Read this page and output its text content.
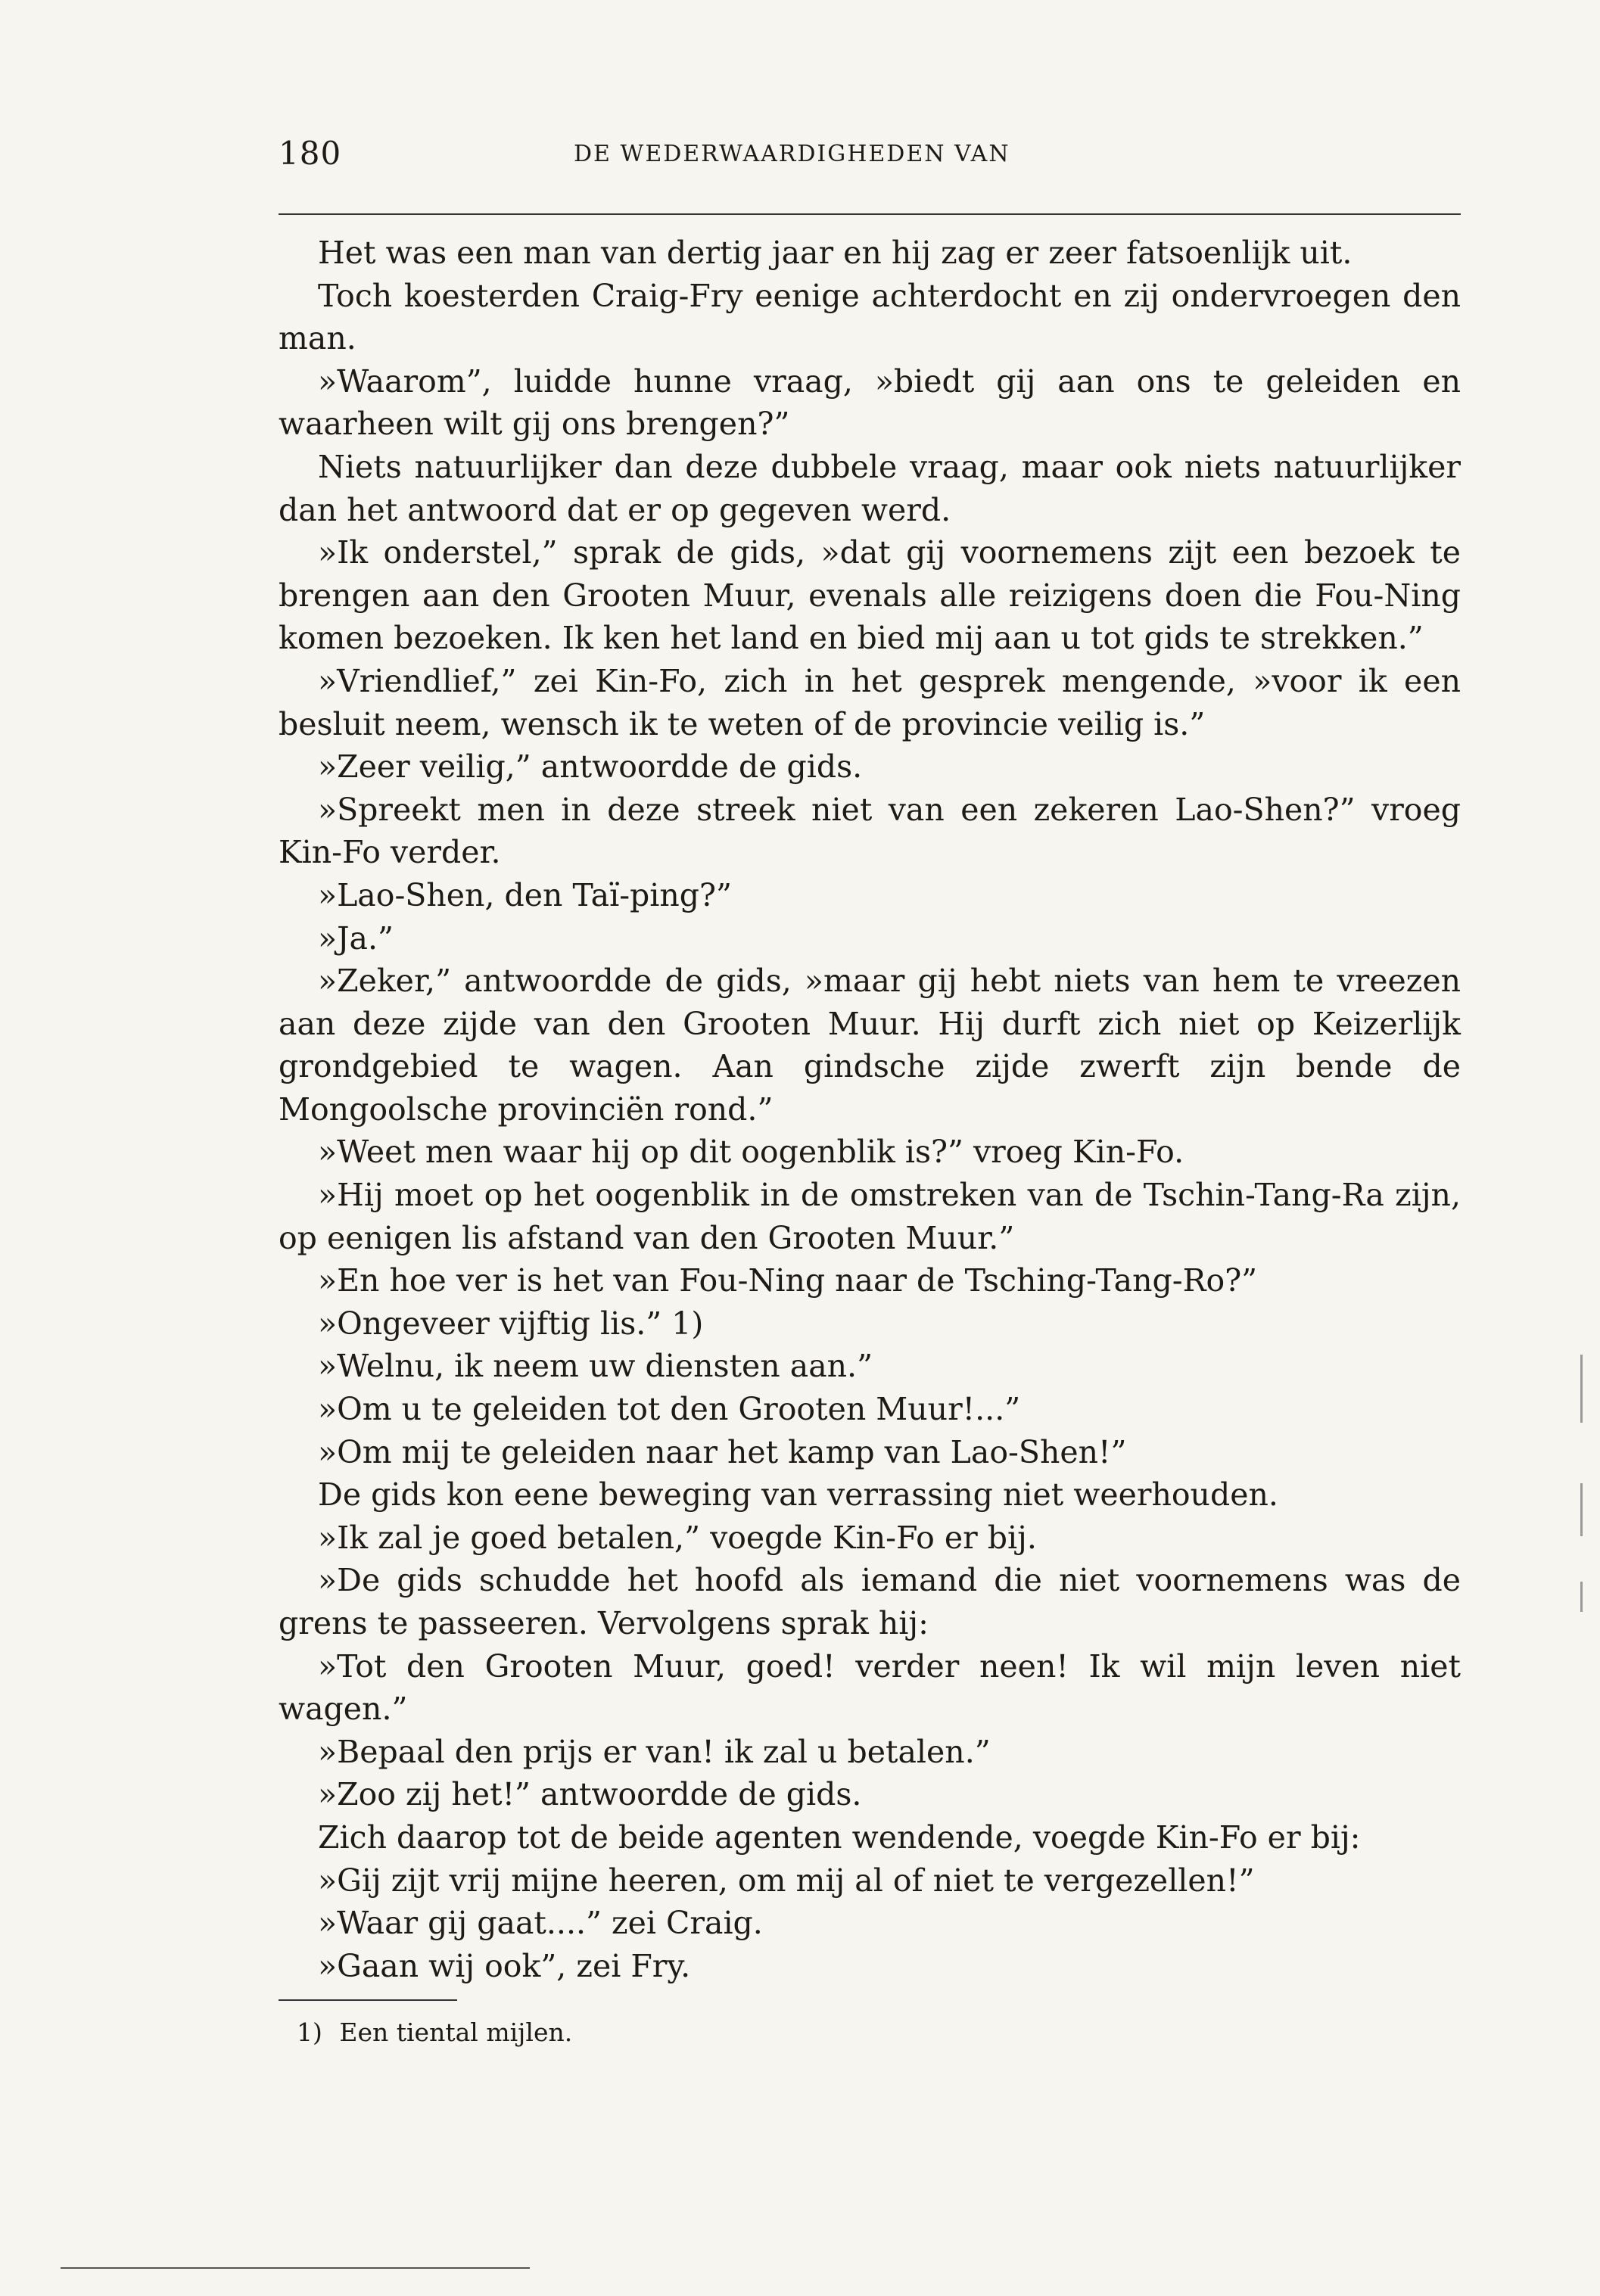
180	DE WEDERWAARDIGHEDEN VAN

Het was een man van dertig jaar en hij zag er zeer fatsoenlijk uit.

Toch koesterden Craig-Fry eenige achterdocht en zij ondervroegen den man.

»Waarom”, luidde hunne vraag, »biedt gij aan ons te geleiden en waarheen wilt gij ons brengen?”

Niets natuurlijker dan deze dubbele vraag, maar ook niets natuurlijker dan het antwoord dat er op gegeven werd.

»Ik onderstel,” sprak de gids, »dat gij voornemens zijt een bezoek te brengen aan den Grooten Muur, evenals alle reizigens doen die Fou-Ning komen bezoeken. Ik ken het land en bied mij aan u tot gids te strekken.”

»Vriendlief,” zei Kin-Fo, zich in het gesprek mengende, »voor ik een besluit neem, wensch ik te weten of de provincie veilig is.”

»Zeer veilig,” antwoordde de gids.

»Spreekt men in deze streek niet van een zekeren Lao-Shen?” vroeg Kin-Fo verder.

»Lao-Shen, den Taï-ping?”

»Ja.”

»Zeker,” antwoordde de gids, »maar gij hebt niets van hem te vreezen aan deze zijde van den Grooten Muur. Hij durft zich niet op Keizerlijk grondgebied te wagen. Aan gindsche zijde zwerft zijn bende de Mongoolsche provinciën rond.”

»Weet men waar hij op dit oogenblik is?” vroeg Kin-Fo.

»Hij moet op het oogenblik in de omstreken van de Tschin-Tang-Ra zijn, op eenigen lis afstand van den Grooten Muur.”

»En hoe ver is het van Fou-Ning naar de Tsching-Tang-Ro?”

»Ongeveer vijftig lis.” 1)

»Welnu, ik neem uw diensten aan.”

»Om u te geleiden tot den Grooten Muur!...”

»Om mij te geleiden naar het kamp van Lao-Shen!”

De gids kon eene beweging van verrassing niet weerhouden.

»Ik zal je goed betalen,” voegde Kin-Fo er bij.

»De gids schudde het hoofd als iemand die niet voornemens was de grens te passeeren. Vervolgens sprak hij:

»Tot den Grooten Muur, goed! verder neen! Ik wil mijn leven niet wagen.”

»Bepaal den prijs er van! ik zal u betalen.”

»Zoo zij het!” antwoordde de gids.

Zich daarop tot de beide agenten wendende, voegde Kin-Fo er bij:

»Gij zijt vrij mijne heeren, om mij al of niet te vergezellen!”

»Waar gij gaat....” zei Craig.

»Gaan wij ook”, zei Fry.

1) Een tiental mijlen.
